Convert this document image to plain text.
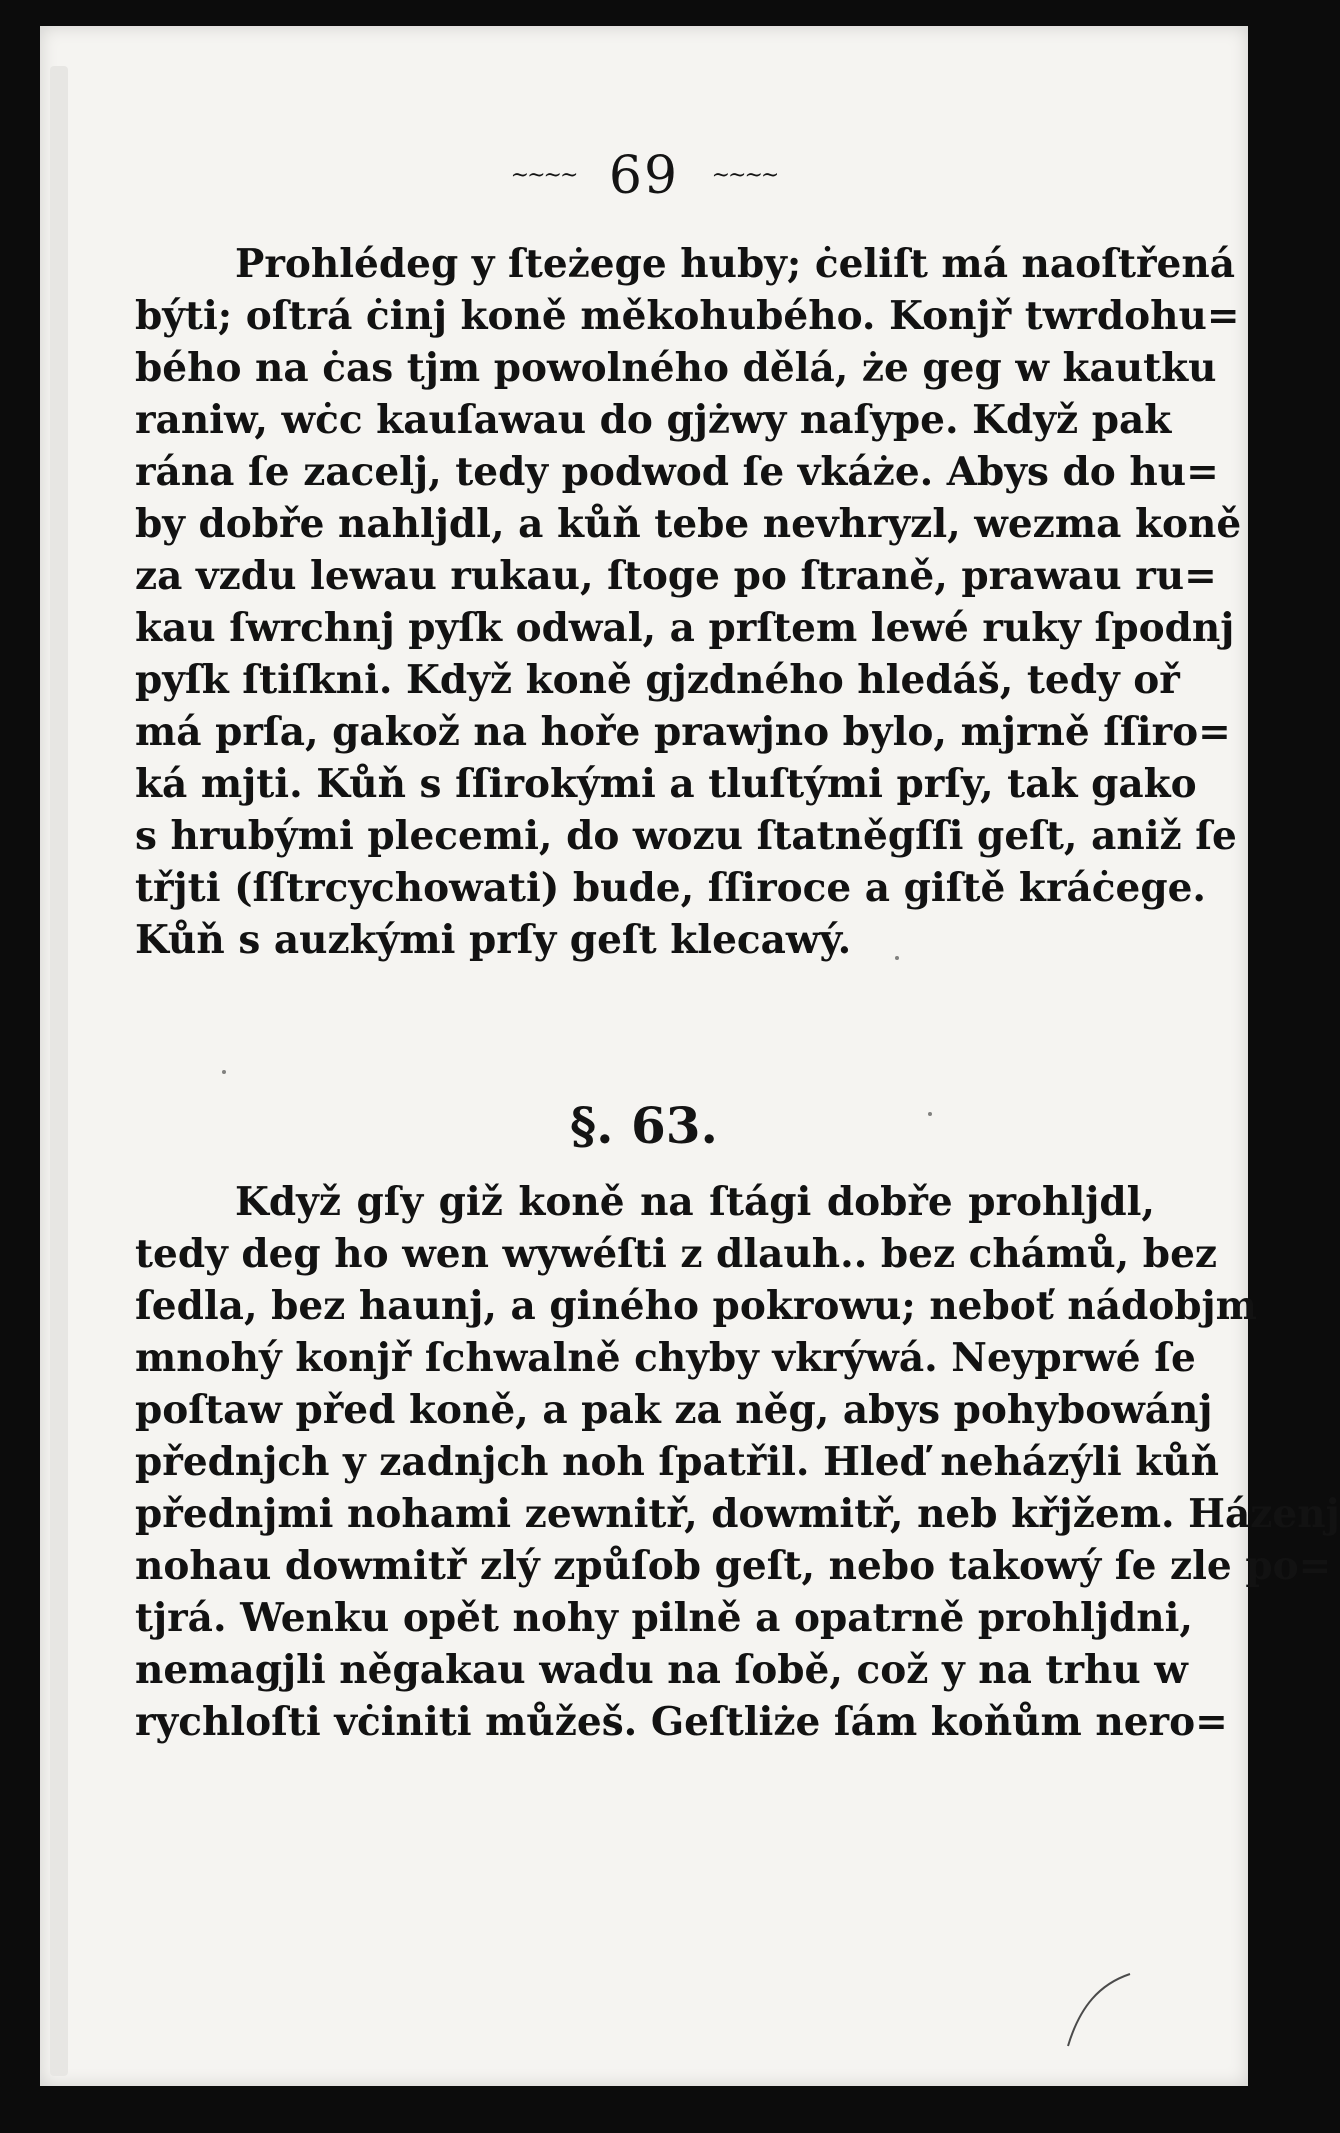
~~~~ 69 ~~~~
Prohlédeg y ſteżege huby; ċeliſt má naoſtřená
býti; oſtrá ċinj koně měkohubého. Konjř twrdohu=
bého na ċas tjm powolného dělá, że geg w kautku
raniw, wċc kauſawau do gjżwy naſype. Když pak
rána ſe zacelj, tedy podwod ſe vkáże. Abys do hu=
by dobře nahljdl, a kůň tebe nevhryzl, wezma koně
za vzdu lewau rukau, ſtoge po ſtraně, prawau ru=
kau ſwrchnj pyſk odwal, a prſtem lewé ruky ſpodnj
pyſk ſtiſkni. Když koně gjzdného hledáš, tedy oř
má prſa, gakož na hoře prawjno bylo, mjrně ſſiro=
ká mjti. Kůň s ſſirokými a tluſtými prſy, tak gako
s hrubými plecemi, do wozu ſtatněgſſi geſt, aniž ſe
třjti (ſſtrcychowati) bude, ſſiroce a giſtě kráċege.
Kůň s auzkými prſy geſt klecawý.
§. 63.
Když gſy giž koně na ſtági dobře prohljdl,
tedy deg ho wen wywéſti z dlauh.. bez chámů, bez
ſedla, bez haunj, a giného pokrowu; neboť nádobjm
mnohý konjř ſchwalně chyby vkrýwá. Neyprwé ſe
poſtaw před koně, a pak za něg, abys pohybowánj
přednjch y zadnjch noh ſpatřil. Hleď neházýli kůň
přednjmi nohami zewnitř, dowmitř, neb křjžem. Házenj
nohau dowmitř zlý způſob geſt, nebo takowý ſe zle po=
tjrá. Wenku opět nohy pilně a opatrně prohljdni,
nemagjli něgakau wadu na ſobě, což y na trhu w
rychloſti vċiniti můžeš. Geſtliże ſám koňům nero=
